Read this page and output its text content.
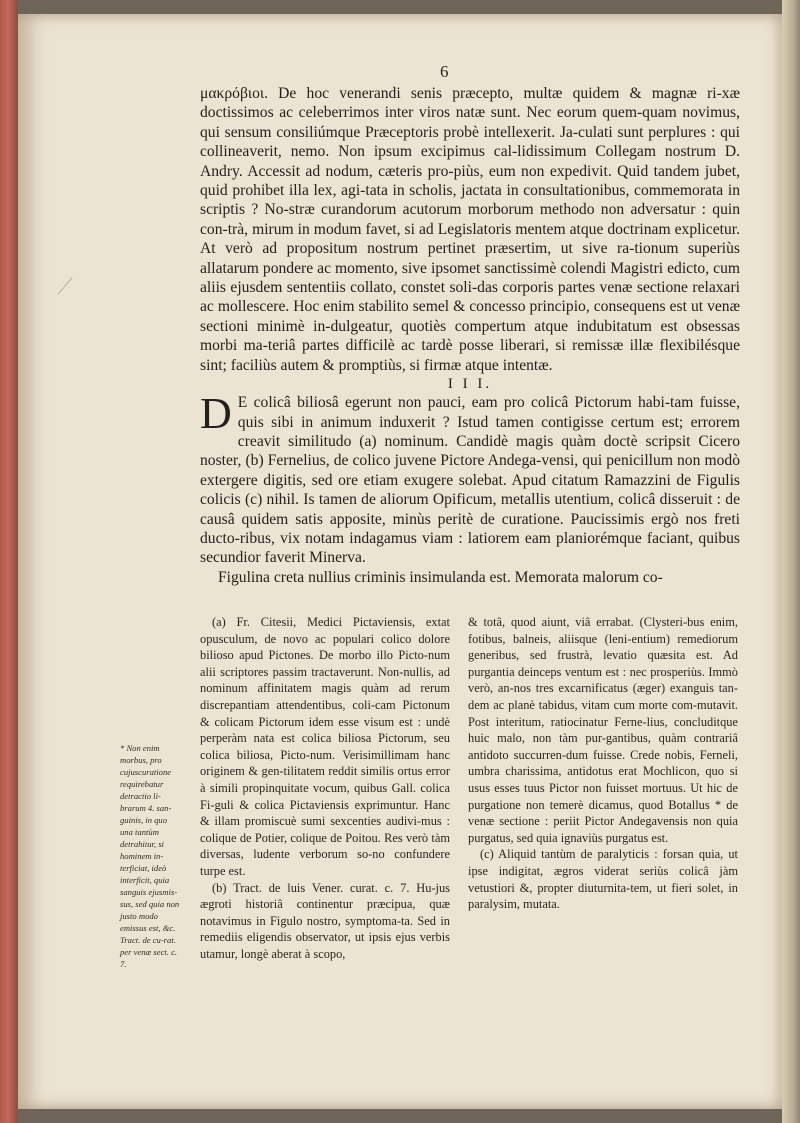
6

μακρόβιοι. De hoc venerandi senis præcepto, multæ quidem & magnæ ri-xæ doctissimos ac celeberrimos inter viros natæ sunt. Nec eorum quem-quam novimus, qui sensum consiliúmque Præceptoris probè intellexerit. Ja-culati sunt perplures : qui collineaverit, nemo. Non ipsum excipimus cal-lidissimum Collegam nostrum D. Andry. Accessit ad nodum, cæteris pro-piùs, eum non expedivit. Quid tandem jubet, quid prohibet illa lex, agi-tata in scholis, jactata in consultationibus, commemorata in scriptis ? No-stræ curandorum acutorum morborum methodo non adversatur : quin con-trà, mirum in modum favet, si ad Legislatoris mentem atque doctrinam explicetur. At verò ad propositum nostrum pertinet præsertim, ut sive ra-tionum superiùs allatarum pondere ac momento, sive ipsomet sanctissimè colendi Magistri edicto, cum aliis ejusdem sententiis collato, constet soli-das corporis partes venæ sectione relaxari ac mollescere. Hoc enim stabilito semel & concesso principio, consequens est ut venæ sectioni minimè in-dulgeatur, quotiès compertum atque indubitatum est obsessas morbi ma-teriâ partes difficilè ac tardè posse liberari, si remissæ illæ flexibilésque sint; faciliùs autem & promptiùs, si firmæ atque intentæ.

I I I.

D E colicâ biliosâ egerunt non pauci, eam pro colicâ Pictorum habi-tam fuisse, quis sibi in animum induxerit ? Istud tamen contigisse certum est; errorem creavit similitudo (a) nominum. Candidè magis quàm doctè scripsit Cicero noster, (b) Fernelius, de colico juvene Pictore Andega-vensi, qui penicillum non modò extergere digitis, sed ore etiam exugere solebat. Apud citatum Ramazzini de Figulis colicis (c) nihil. Is tamen de aliorum Opificum, metallis utentium, colicâ disseruit : de causâ quidem satis apposite, minùs peritè de curatione. Paucissimis ergò nos freti ducto-ribus, vix notam indagamus viam : latiorem eam planiorémque faciant, quibus secundior faverit Minerva.

Figulina creta nullius criminis insimulanda est. Memorata malorum co-

(a) Fr. Citesii, Medici Pictaviensis, extat opusculum, de novo ac populari colico dolore bilioso apud Pictones. De morbo illo Picto-num alii scriptores passim tractaverunt. Non-nullis, ad nominum affinitatem magis quàm ad rerum discrepantiam attendentibus, coli-cam Pictonum & colicam Pictorum idem esse visum est : undè perperàm nata est colica biliosa Pictorum, seu colica biliosa, Picto-num. Verisimillimam hanc originem & gen-tilitatem reddit similis ortus error à simili propinquitate vocum, quibus Gall. colica Fi-guli & colica Pictaviensis exprimuntur. Hanc & illam promiscuè sumi sexcenties audivi-mus : colique de Potier, colique de Poitou. Res verò tàm diversas, ludente verborum so-no confundere turpe est.

(b) Tract. de luis Vener. curat. c. 7. Hu-jus ægroti historiâ continentur præcipua, quæ notavimus in Figulo nostro, symptoma-ta. Sed in remediis eligendis observator, ut ipsis ejus verbis utamur, longè aberat à scopo,

& totâ, quod aiunt, viâ errabat. (Clysteri-bus enim, fotibus, balneis, aliisque (leni-entium) remediorum generibus, sed frustrà, levatio quæsita est. Ad purgantia deinceps ventum est : nec prosperiùs. Immò verò, an-nos tres excarnificatus (æger) exanguis tan-dem ac planè tabidus, vitam cum morte com-mutavit. Post interitum, ratiocinatur Ferne-lius, concluditque huic malo, non tàm pur-gantibus, quàm contrariâ antidoto succurren-dum fuisse. Crede nobis, Ferneli, umbra charissima, antidotus erat Mochlicon, quo si usus esses tuus Pictor non fuisset mortuus. Ut hic de purgatione non temerè dicamus, quod Botallus * de venæ sectione : periit Pictor Andegavensis non quia purgatus, sed quia ignaviùs purgatus est.

(c) Aliquid tantùm de paralyticis : forsan quia, ut ipse indigitat, ægros viderat seriùs colicâ jàm vetustiori &, propter diuturnita-tem, ut fieri solet, in paralysim, mutata.

* Non enim morbus, pro cujuscuratione requirebatur detractio li-brarum 4. san-guinis, in quo una tantùm detrahitur, si hominem in-terficiat, ideò interficit, quia sanguis ejusmis-sus, sed quia non justo modo emissus est, &c. Tract. de cu-rat. per venæ sect. c. 7.
